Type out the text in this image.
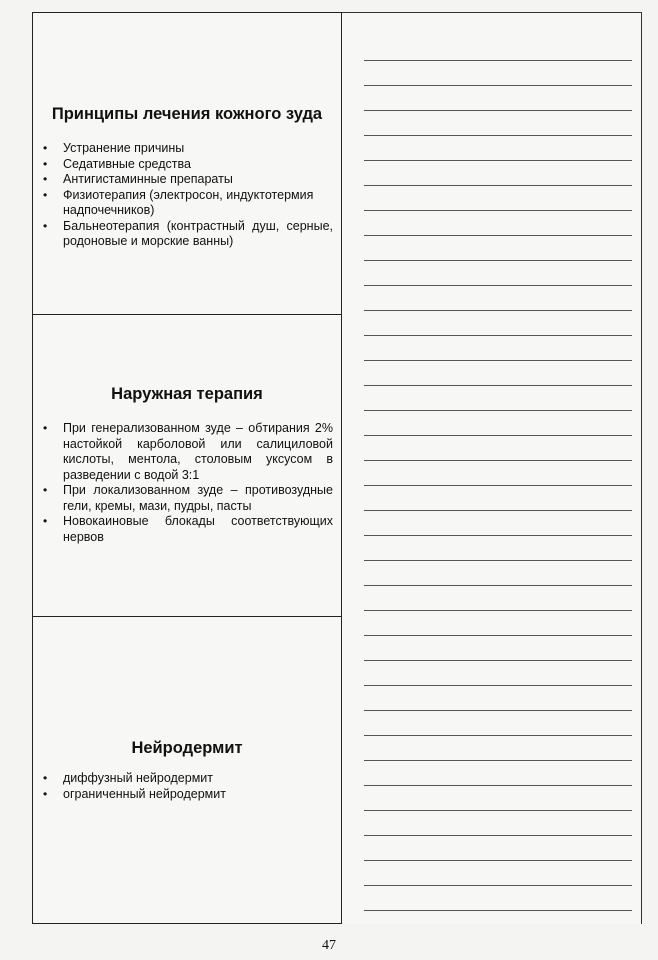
Принципы лечения кожного зуда
• Устранение причины
• Седативные средства
• Антигистаминные препараты
• Физиотерапия (электросон, индуктотермия надпочечников)
• Бальнеотерапия (контрастный душ, серные, родоновые и морские ванны)
Наружная терапия
• При генерализованном зуде – обтирания 2% настойкой карболовой или салициловой кислоты, ментола, столовым уксусом в разведении с водой 3:1
• При локализованном зуде – противозудные гели, кремы, мази, пудры, пасты
• Новокаиновые блокады соответствующих нервов
Нейродермит
• диффузный нейродермит
• ограниченный нейродермит
47
